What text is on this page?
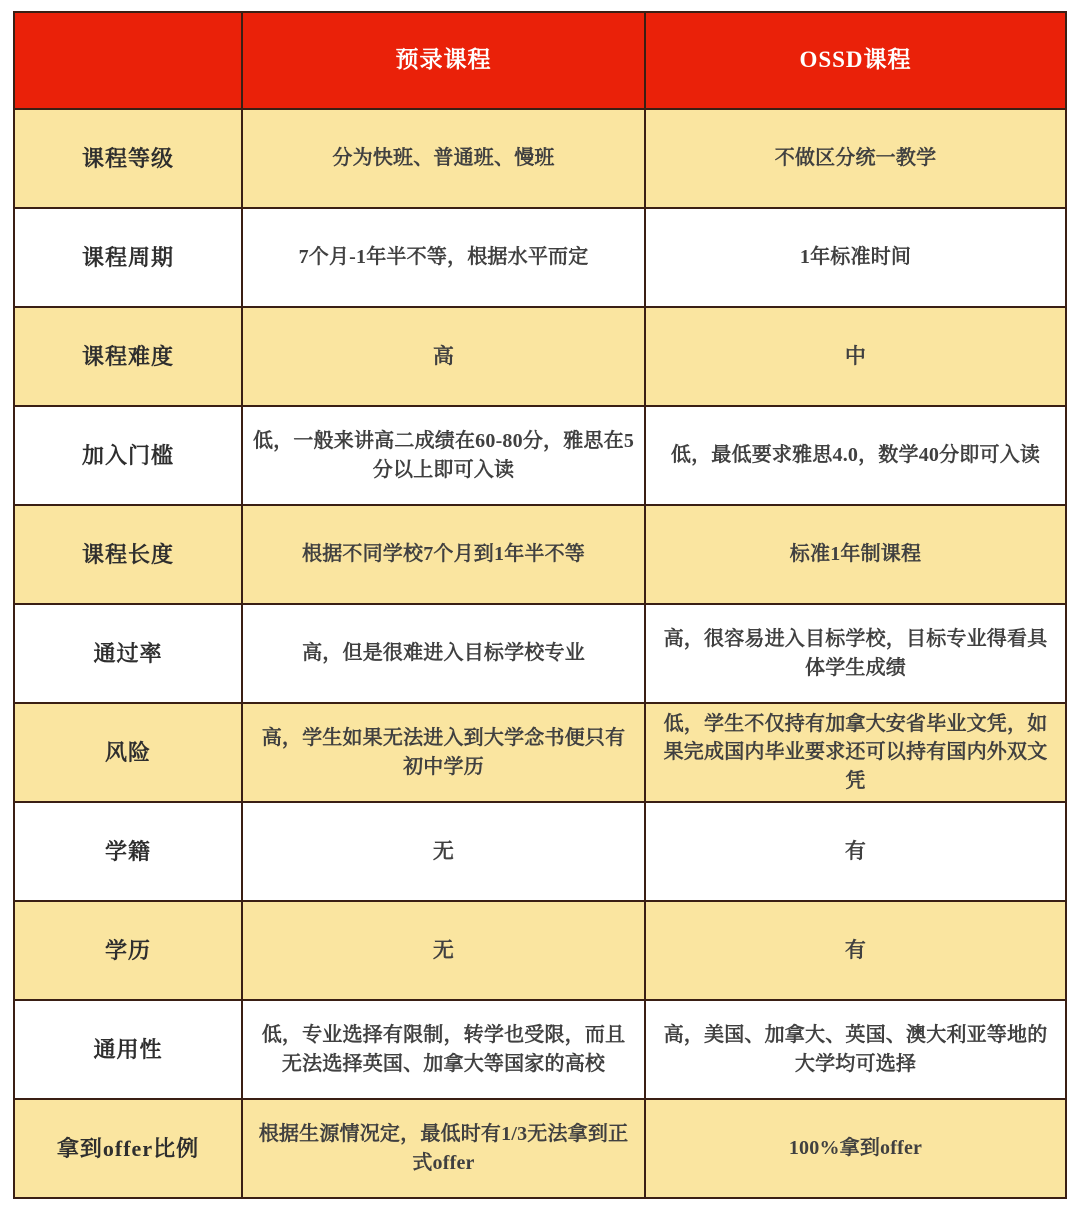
	预录课程	OSSD课程
课程等级	分为快班、普通班、慢班	不做区分统一教学
课程周期	7个月-1年半不等，根据水平而定	1年标准时间
课程难度	高	中
加入门槛	低，一般来讲高二成绩在60-80分，雅思在5分以上即可入读	低，最低要求雅思4.0，数学40分即可入读
课程长度	根据不同学校7个月到1年半不等	标准1年制课程
通过率	高，但是很难进入目标学校专业	高，很容易进入目标学校，目标专业得看具体学生成绩
风险	高，学生如果无法进入到大学念书便只有初中学历	低，学生不仅持有加拿大安省毕业文凭，如果完成国内毕业要求还可以持有国内外双文凭
学籍	无	有
学历	无	有
通用性	低，专业选择有限制，转学也受限，而且无法选择英国、加拿大等国家的高校	高，美国、加拿大、英国、澳大利亚等地的大学均可选择
拿到offer比例	根据生源情况定，最低时有1/3无法拿到正式offer	100%拿到offer
